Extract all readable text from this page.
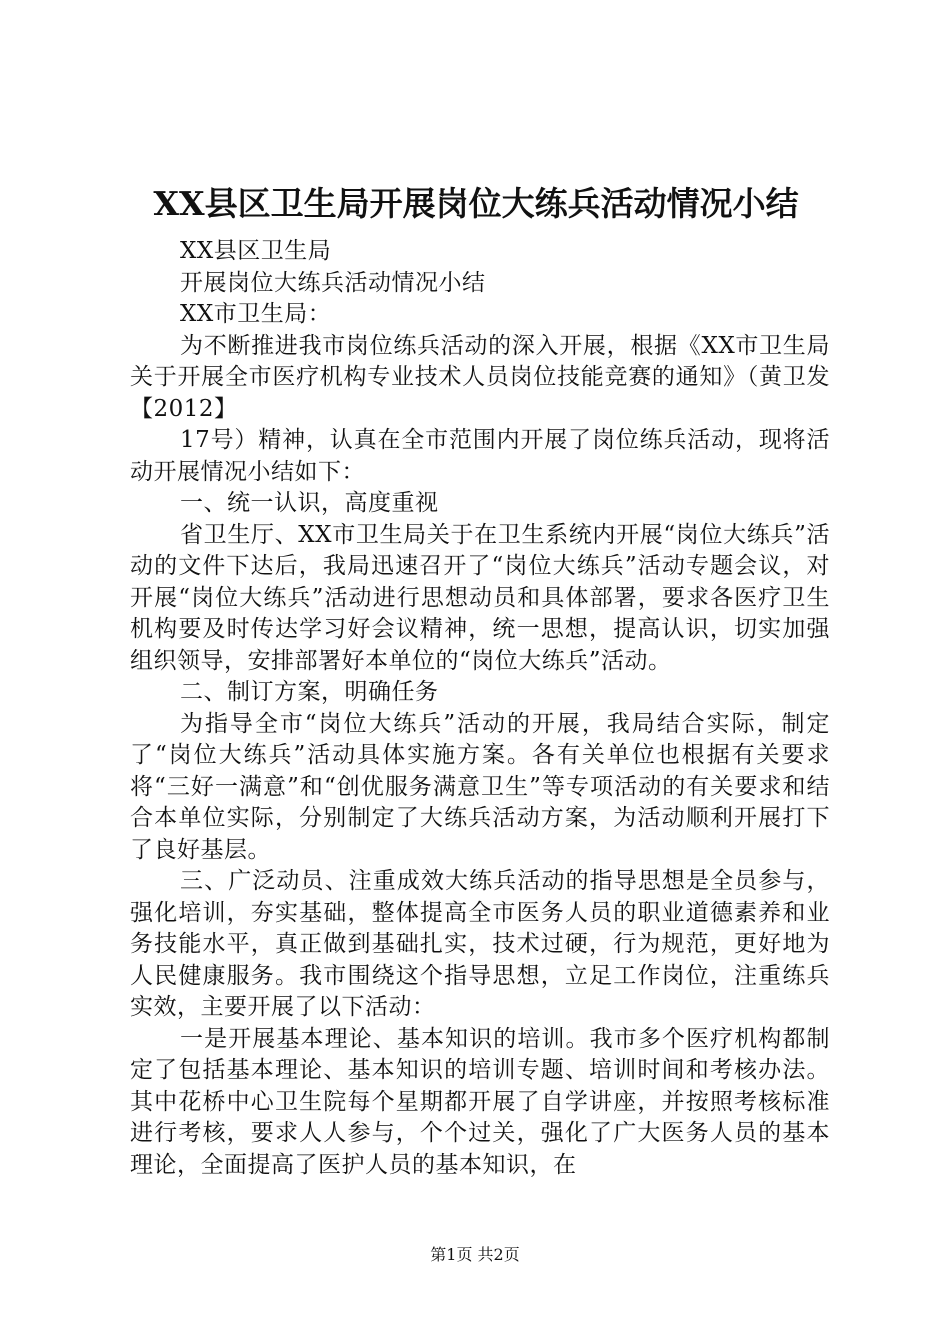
XX县区卫生局开展岗位大练兵活动情况小结

XX县区卫生局

开展岗位大练兵活动情况小结

XX市卫生局：

为不断推进我市岗位练兵活动的深入开展，根据《XX市卫生局关于开展全市医疗机构专业技术人员岗位技能竞赛的通知》（黄卫发【2012】

17号）精神，认真在全市范围内开展了岗位练兵活动，现将活动开展情况小结如下：

一、统一认识，高度重视

省卫生厅、XX市卫生局关于在卫生系统内开展“岗位大练兵”活动的文件下达后，我局迅速召开了“岗位大练兵”活动专题会议，对开展“岗位大练兵”活动进行思想动员和具体部署，要求各医疗卫生机构要及时传达学习好会议精神，统一思想，提高认识，切实加强组织领导，安排部署好本单位的“岗位大练兵”活动。

二、制订方案，明确任务

为指导全市“岗位大练兵”活动的开展，我局结合实际，制定了“岗位大练兵”活动具体实施方案。各有关单位也根据有关要求将“三好一满意”和“创优服务满意卫生”等专项活动的有关要求和结合本单位实际，分别制定了大练兵活动方案，为活动顺利开展打下了良好基层。

三、广泛动员、注重成效大练兵活动的指导思想是全员参与，强化培训，夯实基础，整体提高全市医务人员的职业道德素养和业务技能水平，真正做到基础扎实，技术过硬，行为规范，更好地为人民健康服务。我市围绕这个指导思想，立足工作岗位，注重练兵实效，主要开展了以下活动：

一是开展基本理论、基本知识的培训。我市多个医疗机构都制定了包括基本理论、基本知识的培训专题、培训时间和考核办法。其中花桥中心卫生院每个星期都开展了自学讲座，并按照考核标准进行考核，要求人人参与，个个过关，强化了广大医务人员的基本理论，全面提高了医护人员的基本知识，在

第1页 共2页
